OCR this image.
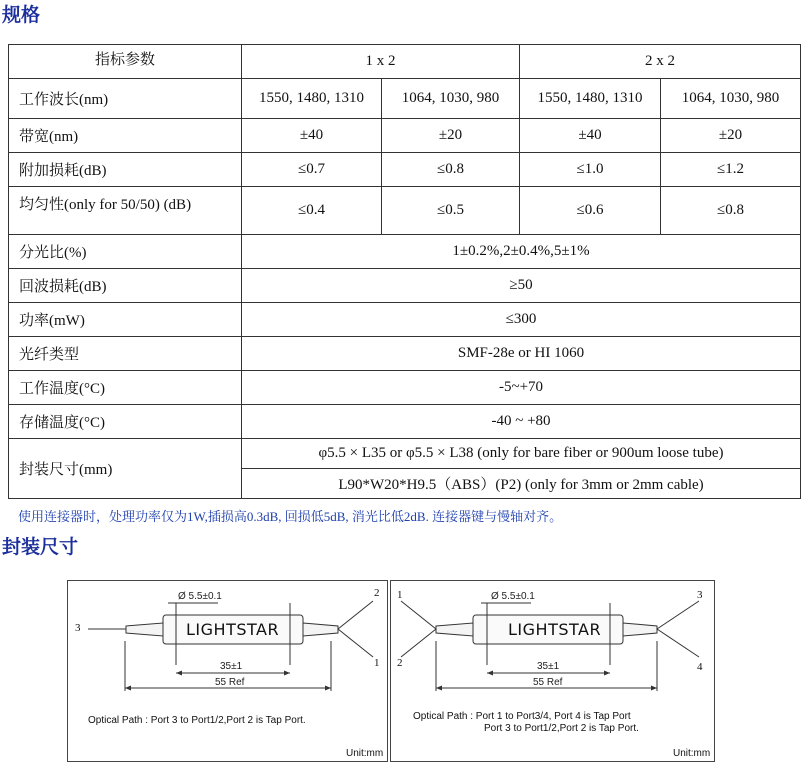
规格
指标参数	1 x 2		2 x 2	
工作波长(nm)	1550, 1480, 1310	1064, 1030, 980	1550, 1480, 1310	1064, 1030, 980
带宽(nm)	±40	±20	±40	±20
附加损耗(dB)	≤0.7	≤0.8	≤1.0	≤1.2
均匀性(only for 50/50) (dB)	≤0.4	≤0.5	≤0.6	≤0.8
分光比(%)	1±0.2%,2±0.4%,5±1%			
回波损耗(dB)	≥50			
功率(mW)	≤300			
光纤类型	SMF-28e or HI 1060			
工作温度(°C)	-5~+70			
存储温度(°C)	-40 ~ +80			
封装尺寸(mm)	φ5.5 × L35 or φ5.5 × L38 (only for bare fiber or 900um loose tube)			
	L90*W20*H9.5（ABS）(P2) (only for 3mm or 2mm cable)			
使用连接器时，处理功率仅为1W,插损高0.3dB, 回损低5dB, 消光比低2dB. 连接器键与慢轴对齐。
封装尺寸
Ø 5.5±0.1
LIGHTSTAR
35±1
55 Ref
3
2
1
Optical Path : Port 3 to Port1/2,Port 2 is Tap Port.
Unit:mm
Ø 5.5±0.1
LIGHTSTAR
35±1
55 Ref
1
2
3
4
Optical Path : Port 1 to Port3/4, Port 4 is Tap Port
Port 3 to Port1/2,Port 2 is Tap Port.
Unit:mm
